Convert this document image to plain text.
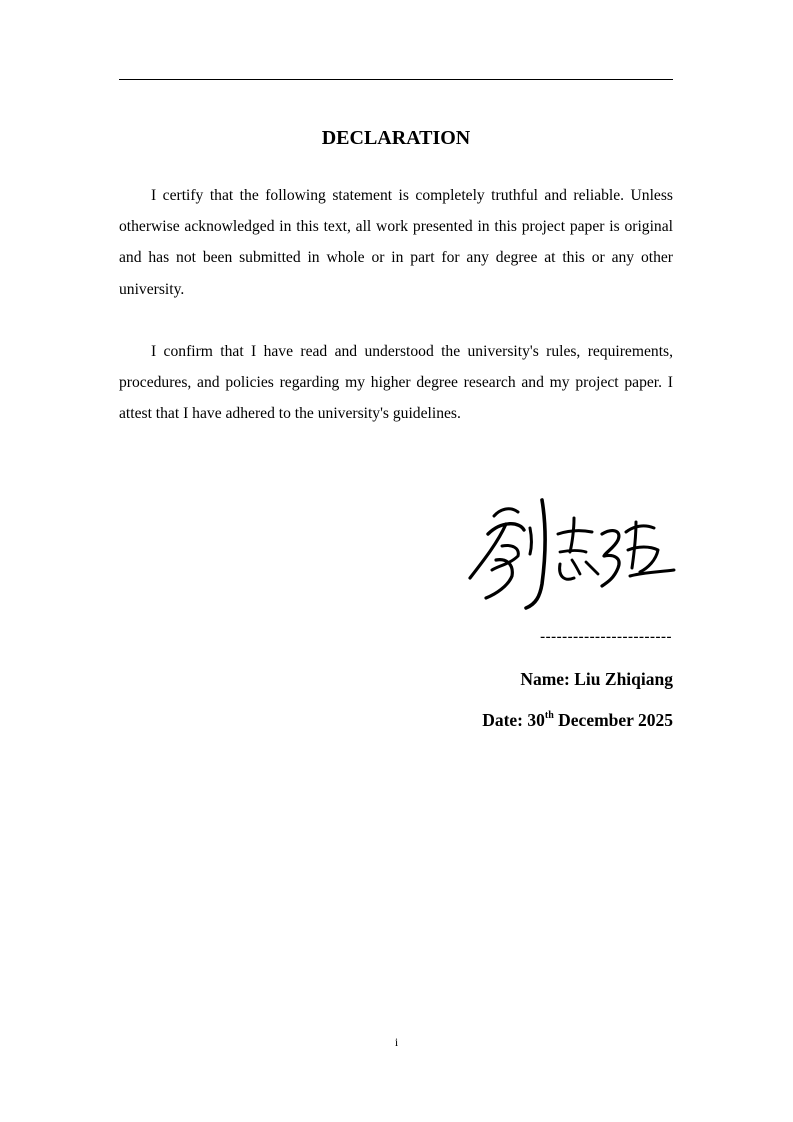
DECLARATION

I certify that the following statement is completely truthful and reliable. Unless otherwise acknowledged in this text, all work presented in this project paper is original and has not been submitted in whole or in part for any degree at this or any other university.

I confirm that I have read and understood the university's rules, requirements, procedures, and policies regarding my higher degree research and my project paper. I attest that I have adhered to the university's guidelines.

------------------------
Name: Liu Zhiqiang
Date: 30th December 2025
i
